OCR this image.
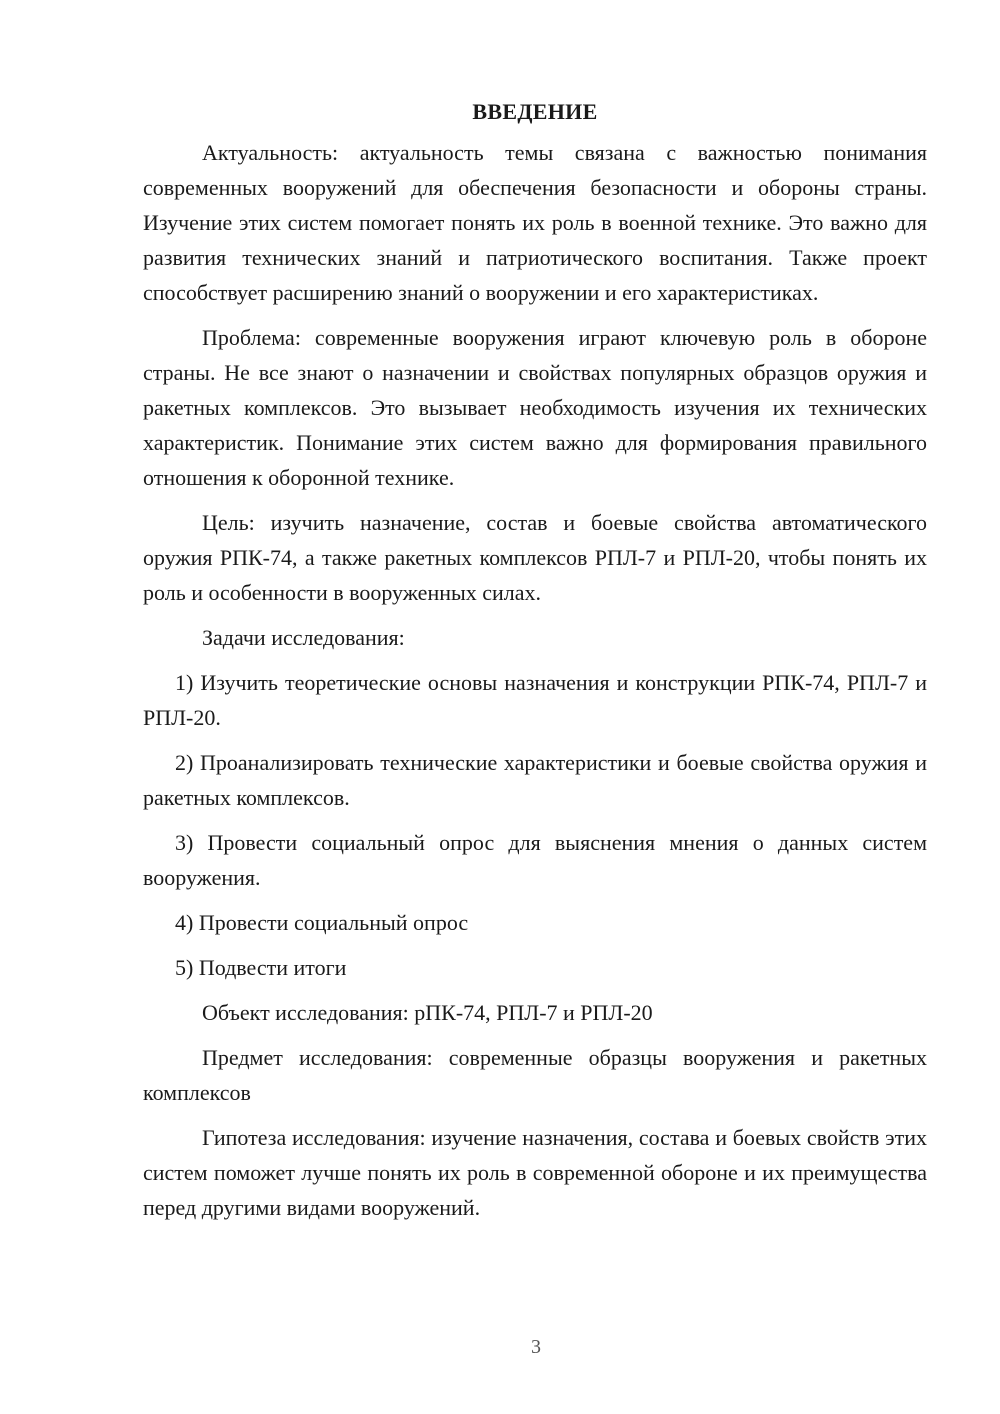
ВВЕДЕНИЕ

Актуальность: актуальность темы связана с важностью понимания современных вооружений для обеспечения безопасности и обороны страны. Изучение этих систем помогает понять их роль в военной технике. Это важно для развития технических знаний и патриотического воспитания. Также проект способствует расширению знаний о вооружении и его характеристиках.

Проблема: современные вооружения играют ключевую роль в обороне страны. Не все знают о назначении и свойствах популярных образцов оружия и ракетных комплексов. Это вызывает необходимость изучения их технических характеристик. Понимание этих систем важно для формирования правильного отношения к оборонной технике.

Цель: изучить назначение, состав и боевые свойства автоматического оружия РПК-74, а также ракетных комплексов РПЛ-7 и РПЛ-20, чтобы понять их роль и особенности в вооруженных силах.

Задачи исследования:

1) Изучить теоретические основы назначения и конструкции РПК-74, РПЛ-7 и РПЛ-20.

2) Проанализировать технические характеристики и боевые свойства оружия и ракетных комплексов.

3) Провести социальный опрос для выяснения мнения о данных систем вооружения.

4) Провести социальный опрос

5) Подвести итоги

Объект исследования: рПК-74, РПЛ-7 и РПЛ-20

Предмет исследования: современные образцы вооружения и ракетных комплексов

Гипотеза исследования: изучение назначения, состава и боевых свойств этих систем поможет лучше понять их роль в современной обороне и их преимущества перед другими видами вооружений.

3
